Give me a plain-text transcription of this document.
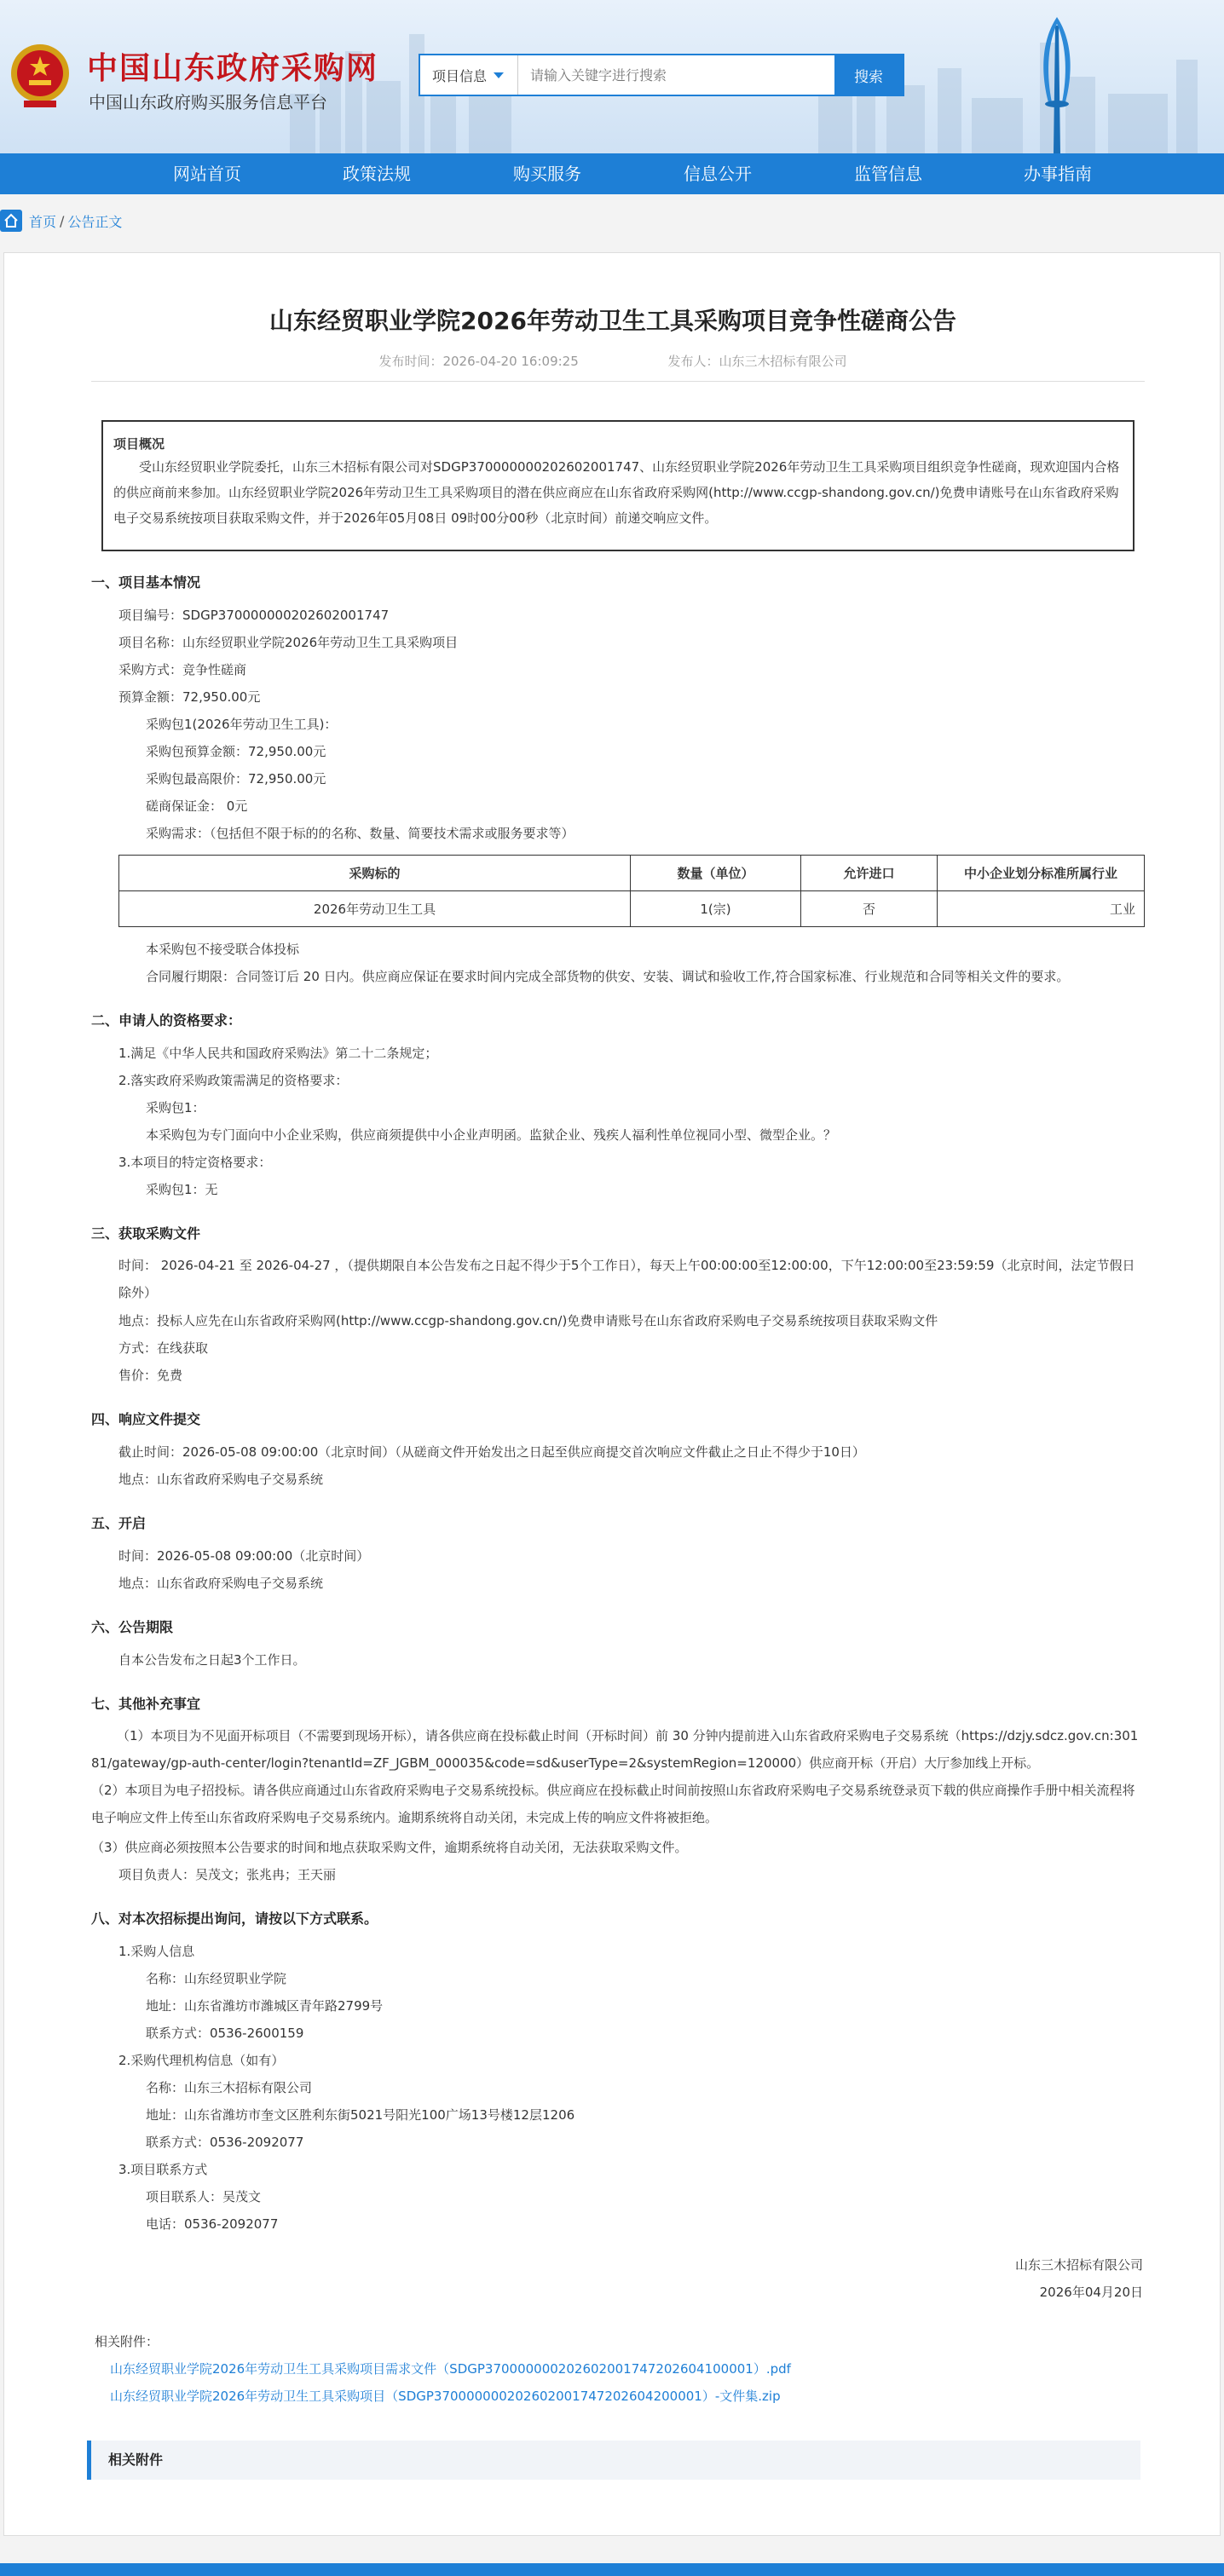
中国山东政府采购网
中国山东政府购买服务信息平台
项目信息
请输入关键字进行搜索	搜索
网站首页	政策法规	购买服务	信息公开	监管信息	办事指南
首页 / 公告正文
山东经贸职业学院2026年劳动卫生工具采购项目竞争性磋商公告
发布时间：2026-04-20 16:09:25	发布人：山东三木招标有限公司
项目概况
受山东经贸职业学院委托，山东三木招标有限公司对SDGP370000000202602001747、山东经贸职业学院2026年劳动卫生工具采购项目组织竞争性磋商，现欢迎国内合格的供应商前来参加。山东经贸职业学院2026年劳动卫生工具采购项目的潜在供应商应在山东省政府采购网(http://www.ccgp-shandong.gov.cn/)免费申请账号在山东省政府采购电子交易系统按项目获取采购文件，并于2026年05月08日 09时00分00秒（北京时间）前递交响应文件。
一、项目基本情况
项目编号：SDGP370000000202602001747
项目名称：山东经贸职业学院2026年劳动卫生工具采购项目
采购方式：竞争性磋商
预算金额：72,950.00元
采购包1(2026年劳动卫生工具)：
采购包预算金额：72,950.00元
采购包最高限价：72,950.00元
磋商保证金： 0元
采购需求：（包括但不限于标的的名称、数量、简要技术需求或服务要求等）
采购标的	数量（单位）	允许进口	中小企业划分标准所属行业
2026年劳动卫生工具	1(宗)	否	工业
本采购包不接受联合体投标
合同履行期限：合同签订后 20 日内。供应商应保证在要求时间内完成全部货物的供安、安装、调试和验收工作,符合国家标准、行业规范和合同等相关文件的要求。
二、申请人的资格要求：
1.满足《中华人民共和国政府采购法》第二十二条规定；
2.落实政府采购政策需满足的资格要求：
采购包1：
本采购包为专门面向中小企业采购，供应商须提供中小企业声明函。监狱企业、残疾人福利性单位视同小型、微型企业。？
3.本项目的特定资格要求：
采购包1：无
三、获取采购文件
时间： 2026-04-21 至 2026-04-27 ，（提供期限自本公告发布之日起不得少于5个工作日），每天上午00:00:00至12:00:00，下午12:00:00至23:59:59（北京时间，法定节假日除外）
地点：投标人应先在山东省政府采购网(http://www.ccgp-shandong.gov.cn/)免费申请账号在山东省政府采购电子交易系统按项目获取采购文件
方式：在线获取
售价：免费
四、响应文件提交
截止时间：2026-05-08 09:00:00（北京时间）（从磋商文件开始发出之日起至供应商提交首次响应文件截止之日止不得少于10日）
地点：山东省政府采购电子交易系统
五、开启
时间：2026-05-08 09:00:00（北京时间）
地点：山东省政府采购电子交易系统
六、公告期限
自本公告发布之日起3个工作日。
七、其他补充事宜
（1）本项目为不见面开标项目（不需要到现场开标），请各供应商在投标截止时间（开标时间）前 30 分钟内提前进入山东省政府采购电子交易系统（https://dzjy.sdcz.gov.cn:30181/gateway/gp-auth-center/login?tenantId=ZF_JGBM_000035&code=sd&userType=2&systemRegion=120000）供应商开标（开启）大厅参加线上开标。
（2）本项目为电子招投标。请各供应商通过山东省政府采购电子交易系统投标。供应商应在投标截止时间前按照山东省政府采购电子交易系统登录页下载的供应商操作手册中相关流程将电子响应文件上传至山东省政府采购电子交易系统内。逾期系统将自动关闭，未完成上传的响应文件将被拒绝。
（3）供应商必须按照本公告要求的时间和地点获取采购文件，逾期系统将自动关闭，无法获取采购文件。
项目负责人：吴茂文；张兆冉；王天丽
八、对本次招标提出询问，请按以下方式联系。
1.采购人信息
名称：山东经贸职业学院
地址：山东省潍坊市潍城区青年路2799号
联系方式：0536-2600159
2.采购代理机构信息（如有）
名称：山东三木招标有限公司
地址：山东省潍坊市奎文区胜利东街5021号阳光100广场13号楼12层1206
联系方式：0536-2092077
3.项目联系方式
项目联系人：吴茂文
电话：0536-2092077
山东三木招标有限公司
2026年04月20日
相关附件：
山东经贸职业学院2026年劳动卫生工具采购项目需求文件（SDGP370000000202602001747202604100001）.pdf
山东经贸职业学院2026年劳动卫生工具采购项目（SDGP370000000202602001747202604200001）-文件集.zip
相关附件
